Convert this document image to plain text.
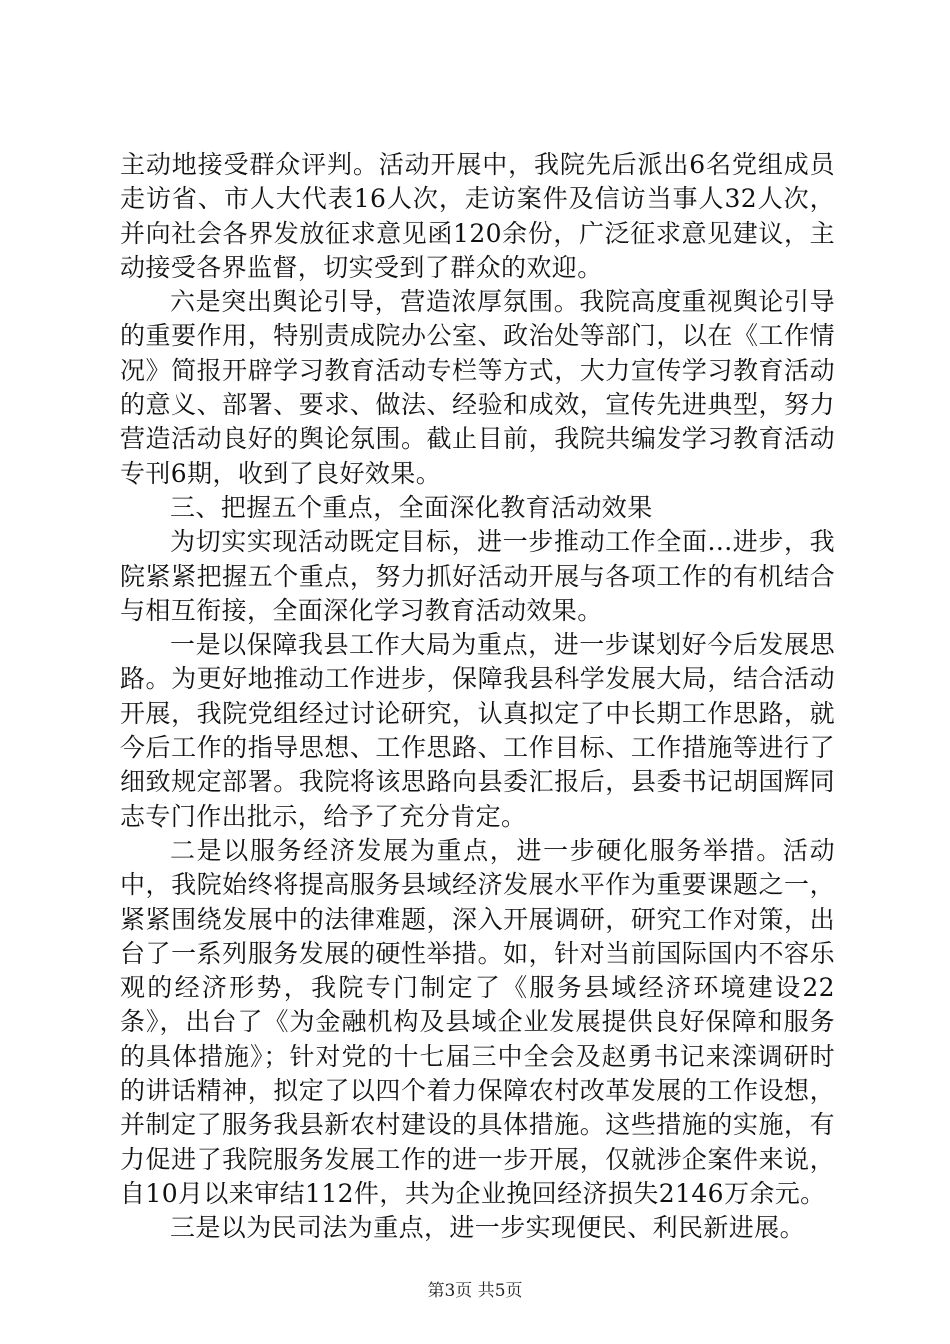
主动地接受群众评判。活动开展中，我院先后派出6名党组成员走访省、市人大代表16人次，走访案件及信访当事人32人次，并向社会各界发放征求意见函120余份，广泛征求意见建议，主动接受各界监督，切实受到了群众的欢迎。

六是突出舆论引导，营造浓厚氛围。我院高度重视舆论引导的重要作用，特别责成院办公室、政治处等部门，以在《工作情况》简报开辟学习教育活动专栏等方式，大力宣传学习教育活动的意义、部署、要求、做法、经验和成效，宣传先进典型，努力营造活动良好的舆论氛围。截止目前，我院共编发学习教育活动专刊6期，收到了良好效果。

三、把握五个重点，全面深化教育活动效果

为切实实现活动既定目标，进一步推动工作全面...进步，我院紧紧把握五个重点，努力抓好活动开展与各项工作的有机结合与相互衔接，全面深化学习教育活动效果。

一是以保障我县工作大局为重点，进一步谋划好今后发展思路。为更好地推动工作进步，保障我县科学发展大局，结合活动开展，我院党组经过讨论研究，认真拟定了中长期工作思路，就今后工作的指导思想、工作思路、工作目标、工作措施等进行了细致规定部署。我院将该思路向县委汇报后，县委书记胡国辉同志专门作出批示，给予了充分肯定。

二是以服务经济发展为重点，进一步硬化服务举措。活动中，我院始终将提高服务县域经济发展水平作为重要课题之一，紧紧围绕发展中的法律难题，深入开展调研，研究工作对策，出台了一系列服务发展的硬性举措。如，针对当前国际国内不容乐观的经济形势，我院专门制定了《服务县域经济环境建设22条》，出台了《为金融机构及县域企业发展提供良好保障和服务的具体措施》；针对党的十七届三中全会及赵勇书记来滦调研时的讲话精神，拟定了以四个着力保障农村改革发展的工作设想，并制定了服务我县新农村建设的具体措施。这些措施的实施，有力促进了我院服务发展工作的进一步开展，仅就涉企案件来说，自10月以来审结112件，共为企业挽回经济损失2146万余元。

三是以为民司法为重点，进一步实现便民、利民新进展。

第3页 共5页
